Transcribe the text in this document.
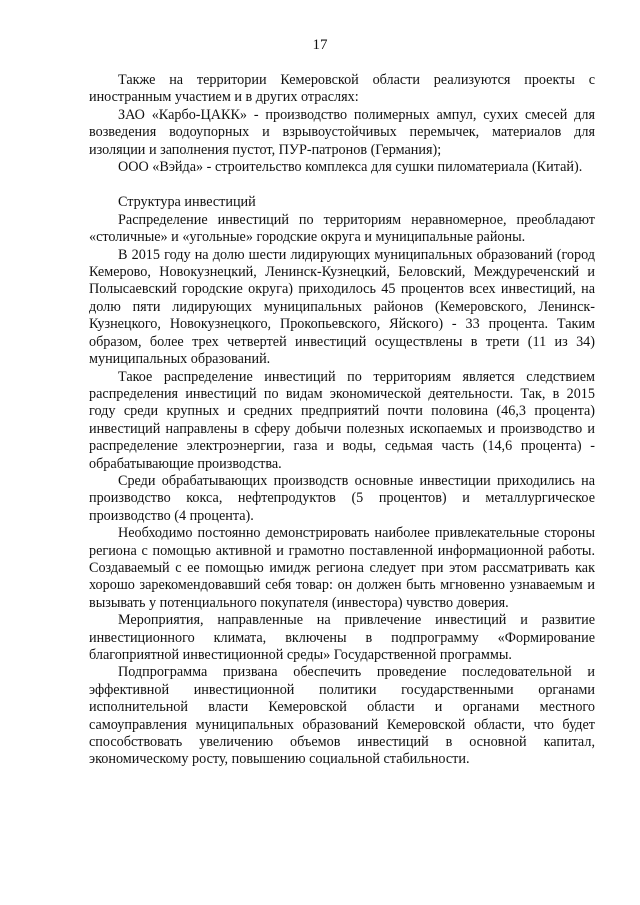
17

Также на территории Кемеровской области реализуются проекты с иностранным участием и в других отраслях:

ЗАО «Карбо-ЦАКК» - производство полимерных ампул, сухих смесей для возведения водоупорных и взрывоустойчивых перемычек, материалов для изоляции и заполнения пустот, ПУР-патронов (Германия);

ООО «Вэйда» - строительство комплекса для сушки пиломатериала (Китай).

Структура инвестиций

Распределение инвестиций по территориям неравномерное, преобладают «столичные» и «угольные» городские округа и муниципальные районы.

В 2015 году на долю шести лидирующих муниципальных образований (город Кемерово, Новокузнецкий, Ленинск-Кузнецкий, Беловский, Междуреченский и Полысаевский городские округа) приходилось 45 процентов всех инвестиций, на долю пяти лидирующих муниципальных районов (Кемеровского, Ленинск-Кузнецкого, Новокузнецкого, Прокопьевского, Яйского) - 33 процента. Таким образом, более трех четвертей инвестиций осуществлены в трети (11 из 34) муниципальных образований.

Такое распределение инвестиций по территориям является следствием распределения инвестиций по видам экономической деятельности. Так, в 2015 году среди крупных и средних предприятий почти половина (46,3 процента) инвестиций направлены в сферу добычи полезных ископаемых и производство и распределение электроэнергии, газа и воды, седьмая часть (14,6 процента) - обрабатывающие производства.

Среди обрабатывающих производств основные инвестиции приходились на производство кокса, нефтепродуктов (5 процентов) и металлургическое производство (4 процента).

Необходимо постоянно демонстрировать наиболее привлекательные стороны региона с помощью активной и грамотно поставленной информационной работы. Создаваемый с ее помощью имидж региона следует при этом рассматривать как хорошо зарекомендовавший себя товар: он должен быть мгновенно узнаваемым и вызывать у потенциального покупателя (инвестора) чувство доверия.

Мероприятия, направленные на привлечение инвестиций и развитие инвестиционного климата, включены в подпрограмму «Формирование благоприятной инвестиционной среды» Государственной программы.

Подпрограмма призвана обеспечить проведение последовательной и эффективной инвестиционной политики государственными органами исполнительной власти Кемеровской области и органами местного самоуправления муниципальных образований Кемеровской области, что будет способствовать увеличению объемов инвестиций в основной капитал, экономическому росту, повышению социальной стабильности.
